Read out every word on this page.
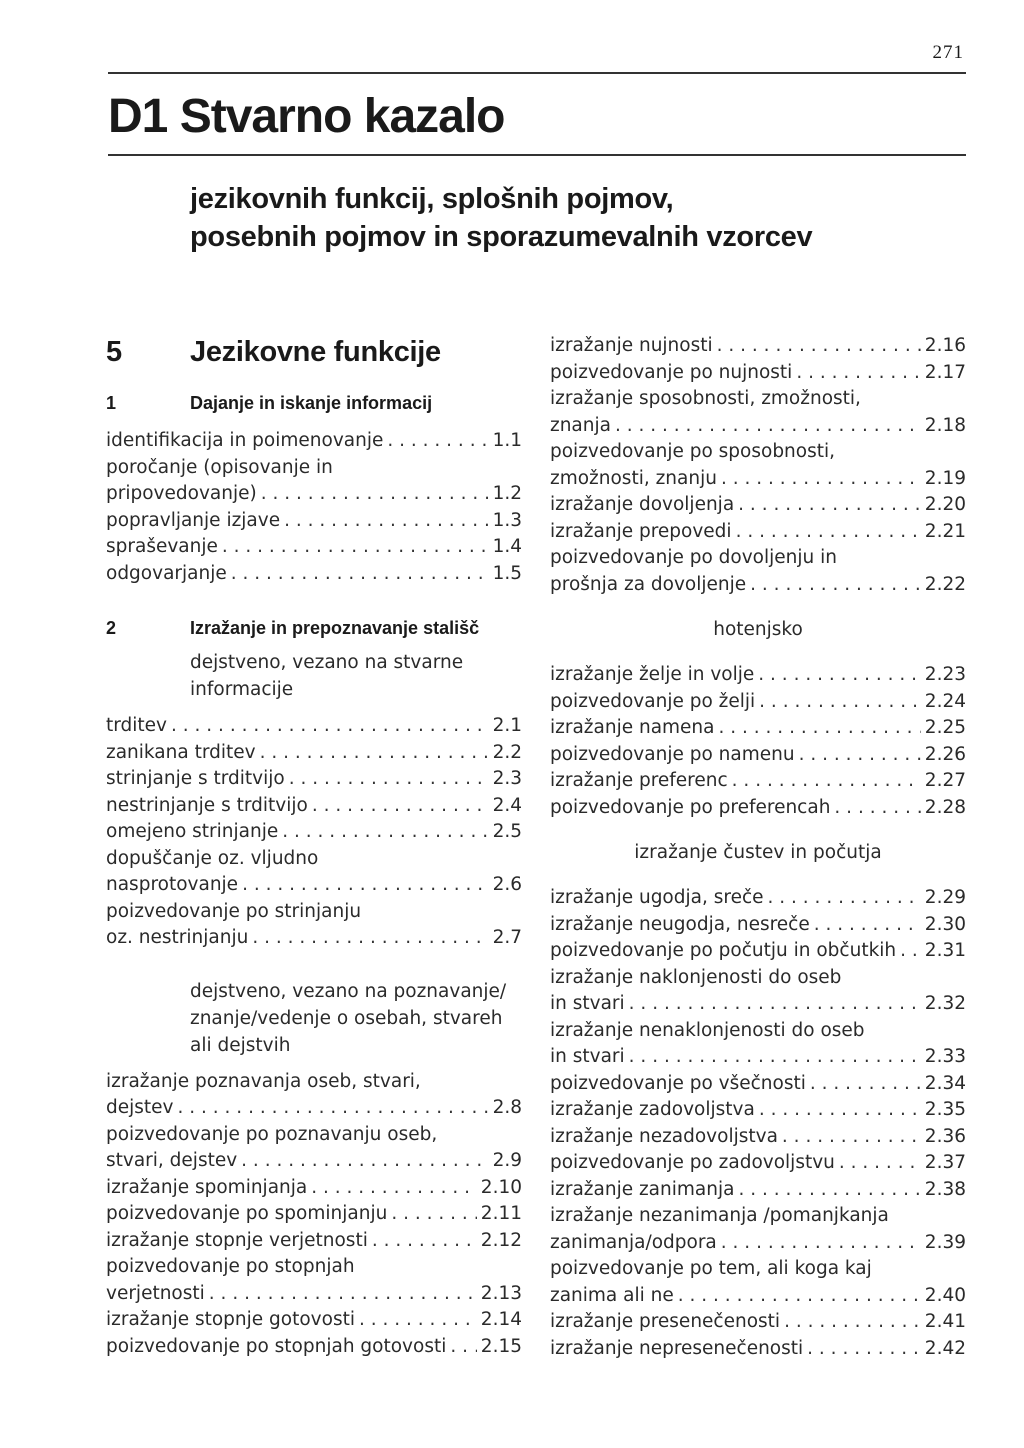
271
D1 Stvarno kazalo
jezikovnih funkcij, splošnih pojmov,
posebnih pojmov in sporazumevalnih vzorcev
5	Jezikovne funkcije
1	Dajanje in iskanje informacij
identifikacija in poimenovanje . . .	1.1
poročanje (opisovanje in
pripovedovanje) . . .	1.2
popravljanje izjave . . .	1.3
spraševanje . . .	1.4
odgovarjanje . . .	1.5
2	Izražanje in prepoznavanje stališč
dejstveno, vezano na stvarne
informacije
trditev . . .	2.1
zanikana trditev . . .	2.2
strinjanje s trditvijo . . .	2.3
nestrinjanje s trditvijo . . .	2.4
omejeno strinjanje . . .	2.5
dopuščanje oz. vljudno
nasprotovanje . . .	2.6
poizvedovanje po strinjanju
oz. nestrinjanju . . .	2.7
dejstveno, vezano na poznavanje/
znanje/vedenje o osebah, stvareh
ali dejstvih
izražanje poznavanja oseb, stvari,
dejstev . . .	2.8
poizvedovanje po poznavanju oseb,
stvari, dejstev . . .	2.9
izražanje spominjanja . . .	2.10
poizvedovanje po spominjanju . . .	2.11
izražanje stopnje verjetnosti . . .	2.12
poizvedovanje po stopnjah
verjetnosti . . .	2.13
izražanje stopnje gotovosti . . .	2.14
poizvedovanje po stopnjah gotovosti . . . 2.15
izražanje nujnosti . . .	2.16
poizvedovanje po nujnosti . . .	2.17
izražanje sposobnosti, zmožnosti,
znanja . . .	2.18
poizvedovanje po sposobnosti,
zmožnosti, znanju . . .	2.19
izražanje dovoljenja . . .	2.20
izražanje prepovedi . . .	2.21
poizvedovanje po dovoljenju in
prošnja za dovoljenje . . .	2.22
hotenjsko
izražanje želje in volje . . .	2.23
poizvedovanje po želji . . .	2.24
izražanje namena . . .	2.25
poizvedovanje po namenu . . .	2.26
izražanje preferenc . . .	2.27
poizvedovanje po preferencah . . .	2.28
izražanje čustev in počutja
izražanje ugodja, sreče . . .	2.29
izražanje neugodja, nesreče . . .	2.30
poizvedovanje po počutju in občutkih . . . 2.31
izražanje naklonjenosti do oseb
in stvari . . .	2.32
izražanje nenaklonjenosti do oseb
in stvari . . .	2.33
poizvedovanje po všečnosti . . .	2.34
izražanje zadovoljstva . . .	2.35
izražanje nezadovoljstva . . .	2.36
poizvedovanje po zadovoljstvu . . .	2.37
izražanje zanimanja . . .	2.38
izražanje nezanimanja /pomanjkanja
zanimanja/odpora . . .	2.39
poizvedovanje po tem, ali koga kaj
zanima ali ne . . .	2.40
izražanje presenečenosti . . .	2.41
izražanje nepresenečenosti . . .	2.42
